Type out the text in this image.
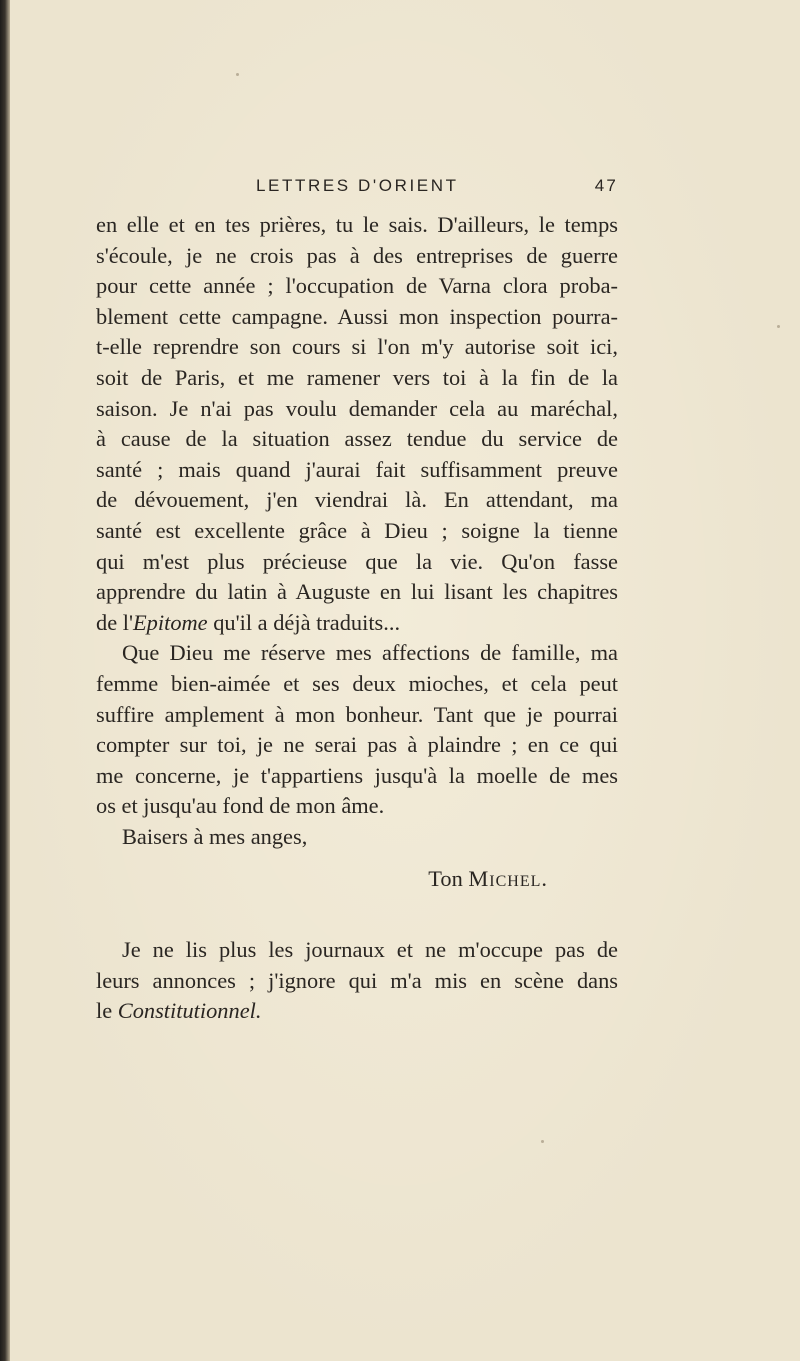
LETTRES D'ORIENT	47
en elle et en tes prières, tu le sais. D'ailleurs, le temps
s'écoule, je ne crois pas à des entreprises de guerre
pour cette année ; l'occupation de Varna clora proba-
blement cette campagne. Aussi mon inspection pourra-
t-elle reprendre son cours si l'on m'y autorise soit ici,
soit de Paris, et me ramener vers toi à la fin de la
saison. Je n'ai pas voulu demander cela au maréchal,
à cause de la situation assez tendue du service de
santé ; mais quand j'aurai fait suffisamment preuve
de dévouement, j'en viendrai là. En attendant, ma
santé est excellente grâce à Dieu ; soigne la tienne
qui m'est plus précieuse que la vie. Qu'on fasse
apprendre du latin à Auguste en lui lisant les chapitres
de l'Epitome qu'il a déjà traduits...
Que Dieu me réserve mes affections de famille, ma
femme bien-aimée et ses deux mioches, et cela peut
suffire amplement à mon bonheur. Tant que je pourrai
compter sur toi, je ne serai pas à plaindre ; en ce qui
me concerne, je t'appartiens jusqu'à la moelle de mes
os et jusqu'au fond de mon âme.
Baisers à mes anges,
Ton Michel.
Je ne lis plus les journaux et ne m'occupe pas de
leurs annonces ; j'ignore qui m'a mis en scène dans
le Constitutionnel.
